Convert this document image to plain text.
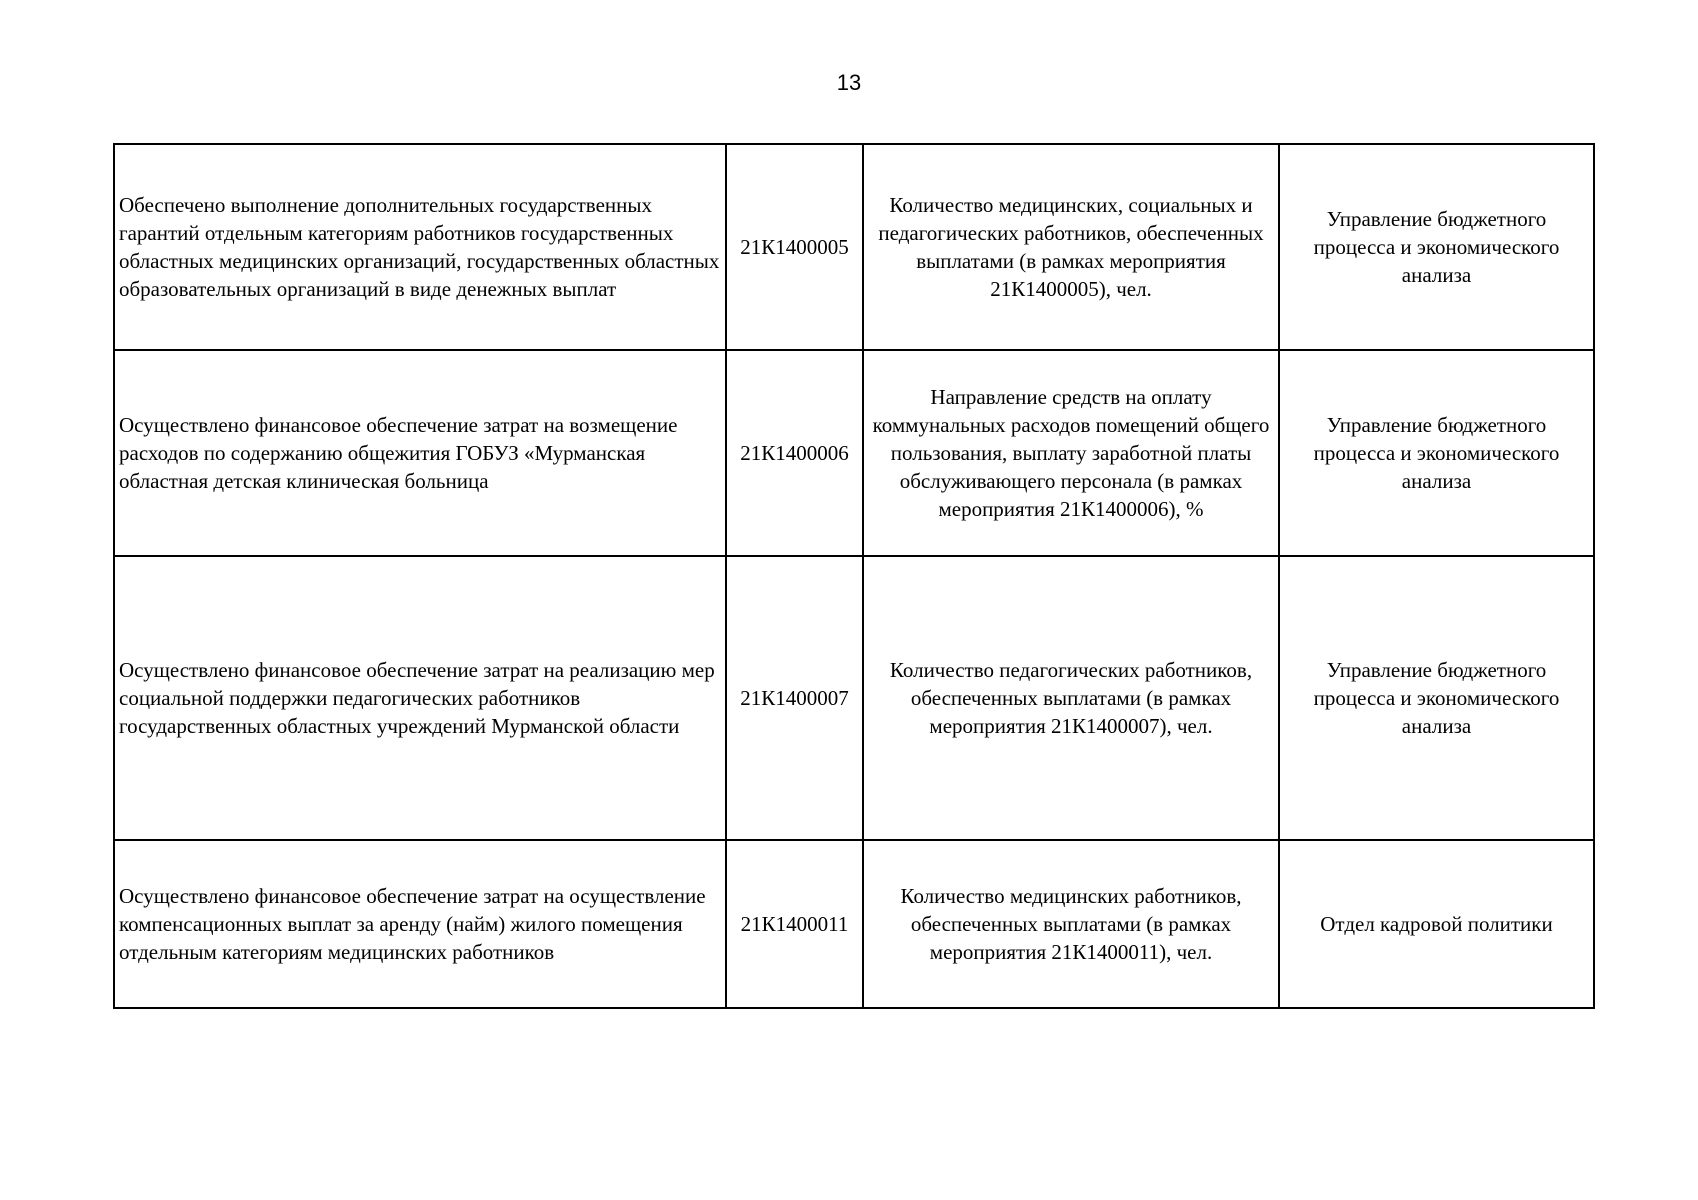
13
Обеспечено выполнение дополнительных государственных гарантий отдельным категориям работников государственных областных медицинских организаций, государственных областных образовательных организаций в виде денежных выплат	21К1400005	Количество медицинских, социальных и педагогических работников, обеспеченных выплатами (в рамках мероприятия 21К1400005), чел.	Управление бюджетного процесса и экономического анализа
Осуществлено финансовое обеспечение затрат на возмещение расходов по содержанию общежития ГОБУЗ «Мурманская областная детская клиническая больница	21К1400006	Направление средств на оплату коммунальных расходов помещений общего пользования, выплату заработной платы обслуживающего персонала (в рамках мероприятия 21К1400006), %	Управление бюджетного процесса и экономического анализа
Осуществлено финансовое обеспечение затрат на реализацию мер социальной поддержки педагогических работников государственных областных учреждений Мурманской области	21К1400007	Количество педагогических работников, обеспеченных выплатами (в рамках мероприятия 21К1400007), чел.	Управление бюджетного процесса и экономического анализа
Осуществлено финансовое обеспечение затрат на осуществление компенсационных выплат за аренду (найм) жилого помещения отдельным категориям медицинских работников	21К1400011	Количество медицинских работников, обеспеченных выплатами (в рамках мероприятия 21К1400011), чел.	Отдел кадровой политики
